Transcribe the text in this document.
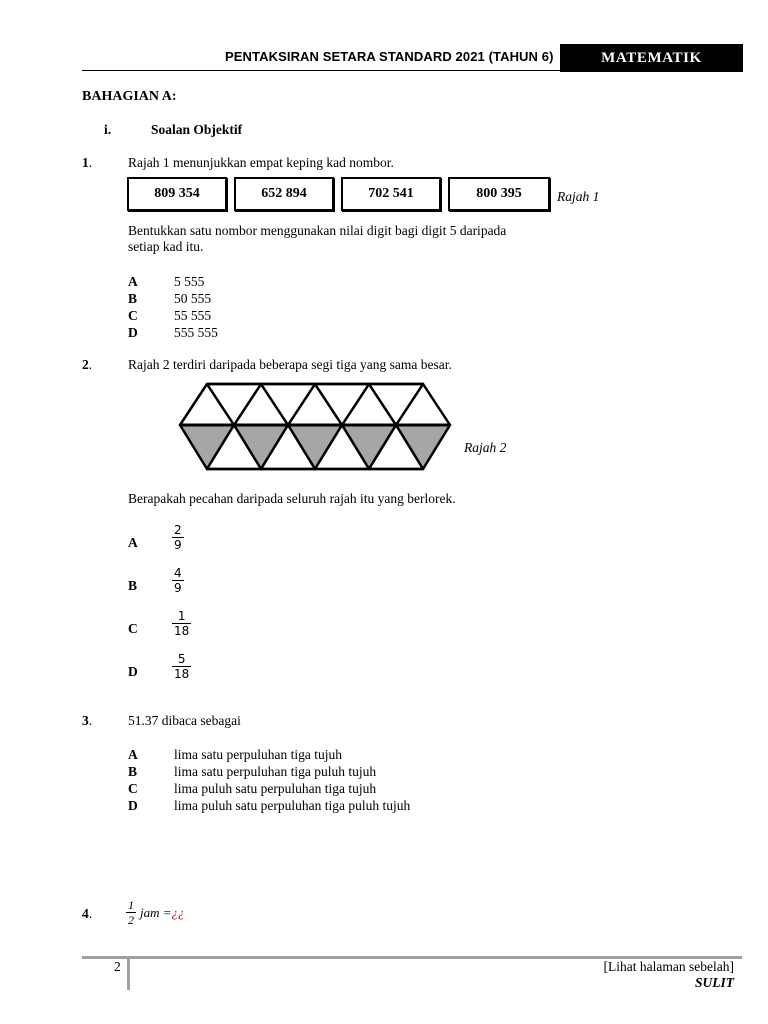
PENTAKSIRAN SETARA STANDARD 2021 (TAHUN 6)	MATEMATIK
BAHAGIAN A:
i.	Soalan Objektif
1.	Rajah 1 menunjukkan empat keping kad nombor.
809 354	652 894	702 541	800 395	Rajah 1
Bentukkan satu nombor menggunakan nilai digit bagi digit 5 daripada
setiap kad itu.
A	5 555
B	50 555
C	55 555
D	555 555
2.	Rajah 2 terdiri daripada beberapa segi tiga yang sama besar.
Rajah 2
Berapakah pecahan daripada seluruh rajah itu yang berlorek.
A
2
9
B
4
9
C
1
18
D
5
18
3.	51.37 dibaca sebagai
A	lima satu perpuluhan tiga tujuh
B	lima satu perpuluhan tiga puluh tujuh
C	lima puluh satu perpuluhan tiga tujuh
D	lima puluh satu perpuluhan tiga puluh tujuh
4.	$\frac{1}{2}$ jam = ¿¿
2	[Lihat halaman sebelah]
SULIT
